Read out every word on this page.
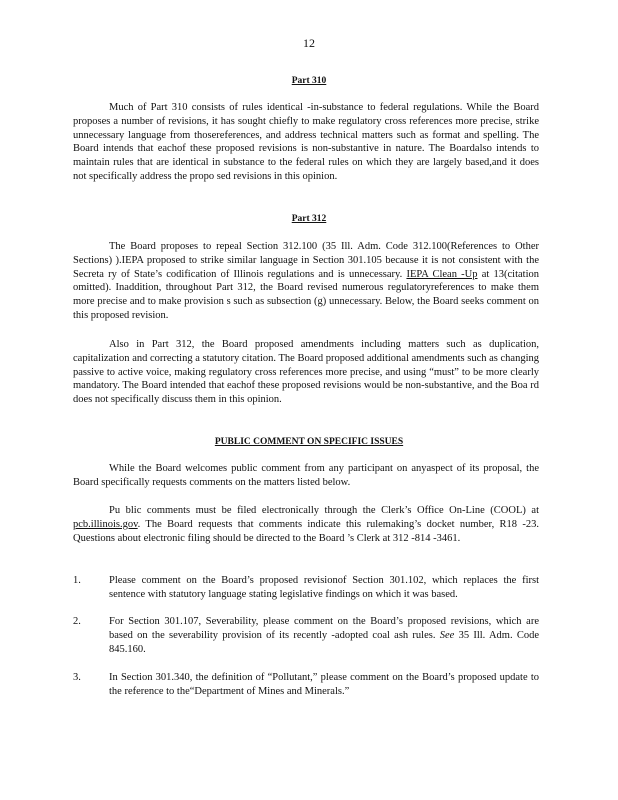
12
Part 310
Much of Part 310 consists of rules identical -in-substance to federal regulations. While the Board proposes a number of revisions, it has sought chiefly to make regulatory cross references more precise, strike unnecessary language from thosereferences, and address technical matters such as format and spelling. The Board intends that eachof these proposed revisions is non-substantive in nature. The Boardalso intends to maintain rules that are identical in substance to the federal rules on which they are largely based,and it does not specifically address the propo sed revisions in this opinion.
Part 312
The Board proposes to repeal Section 312.100 (35 Ill. Adm. Code 312.100(References to Other Sections) ).IEPA proposed to strike similar language in Section 301.105 because it is not consistent with the Secreta ry of State’s codification of Illinois regulations and is unnecessary. IEPA Clean -Up at 13(citation omitted). Inaddition, throughout Part 312, the Board revised numerous regulatoryreferences to make them more precise and to make provision s such as subsection (g) unnecessary. Below, the Board seeks comment on this proposed revision.
Also in Part 312, the Board proposed amendments including matters such as duplication, capitalization and correcting a statutory citation. The Board proposed additional amendments such as changing passive to active voice, making regulatory cross references more precise, and using “must” to be more clearly mandatory. The Board intended that eachof these proposed revisions would be non-substantive, and the Boa rd does not specifically discuss them in this opinion.
PUBLIC COMMENT ON SPECIFIC ISSUES
While the Board welcomes public comment from any participant on anyaspect of its proposal, the Board specifically requests comments on the matters listed below.
Pu blic comments must be filed electronically through the Clerk’s Office On-Line (COOL) at pcb.illinois.gov. The Board requests that comments indicate this rulemaking’s docket number, R18 -23. Questions about electronic filing should be directed to the Board ’s Clerk at 312 -814 -3461.
1.	Please comment on the Board’s proposed revisionof Section 301.102, which replaces the first sentence with statutory language stating legislative findings on which it was based.
2.	For Section 301.107, Severability, please comment on the Board’s proposed revisions, which are based on the severability provision of its recently -adopted coal ash rules. See 35 Ill. Adm. Code 845.160.
3.	In Section 301.340, the definition of “Pollutant,” please comment on the Board’s proposed update to the reference to the“Department of Mines and Minerals.”
